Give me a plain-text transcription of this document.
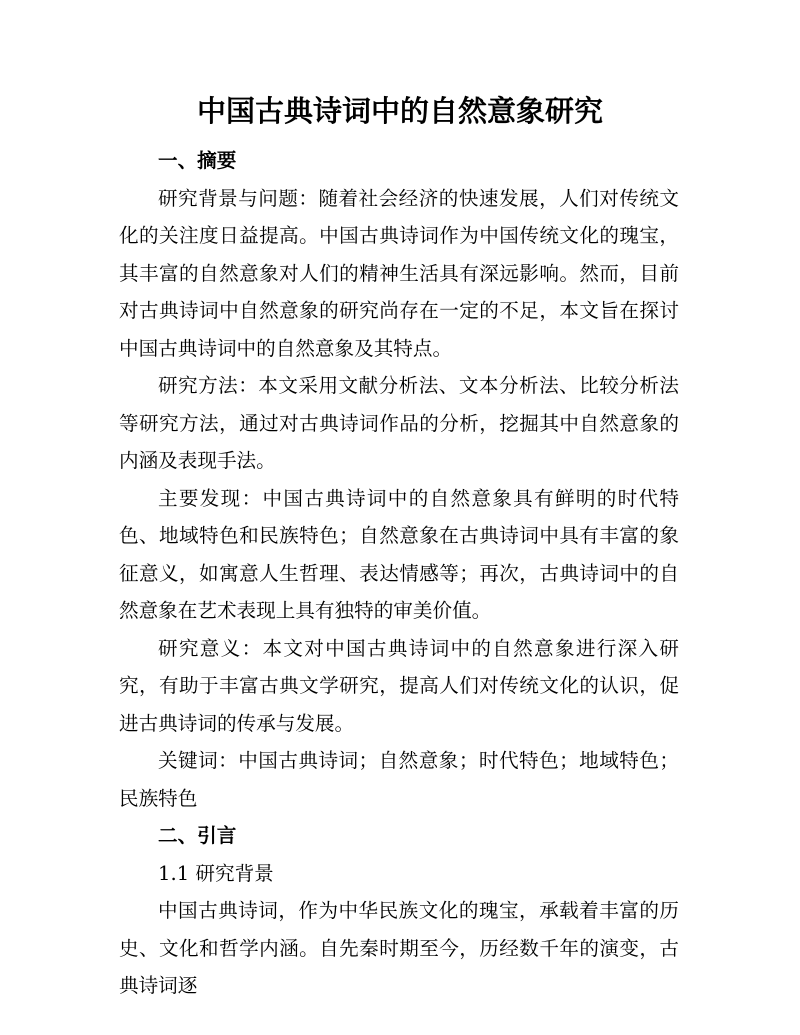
中国古典诗词中的自然意象研究
一、摘要

研究背景与问题：随着社会经济的快速发展，人们对传统文化的关注度日益提高。中国古典诗词作为中国传统文化的瑰宝，其丰富的自然意象对人们的精神生活具有深远影响。然而，目前对古典诗词中自然意象的研究尚存在一定的不足，本文旨在探讨中国古典诗词中的自然意象及其特点。

研究方法：本文采用文献分析法、文本分析法、比较分析法等研究方法，通过对古典诗词作品的分析，挖掘其中自然意象的内涵及表现手法。

主要发现：中国古典诗词中的自然意象具有鲜明的时代特色、地域特色和民族特色；自然意象在古典诗词中具有丰富的象征意义，如寓意人生哲理、表达情感等；再次，古典诗词中的自然意象在艺术表现上具有独特的审美价值。

研究意义：本文对中国古典诗词中的自然意象进行深入研究，有助于丰富古典文学研究，提高人们对传统文化的认识，促进古典诗词的传承与发展。

关键词：中国古典诗词；自然意象；时代特色；地域特色；民族特色

二、引言

1.1 研究背景

中国古典诗词，作为中华民族文化的瑰宝，承载着丰富的历史、文化和哲学内涵。自先秦时期至今，历经数千年的演变，古典诗词逐
